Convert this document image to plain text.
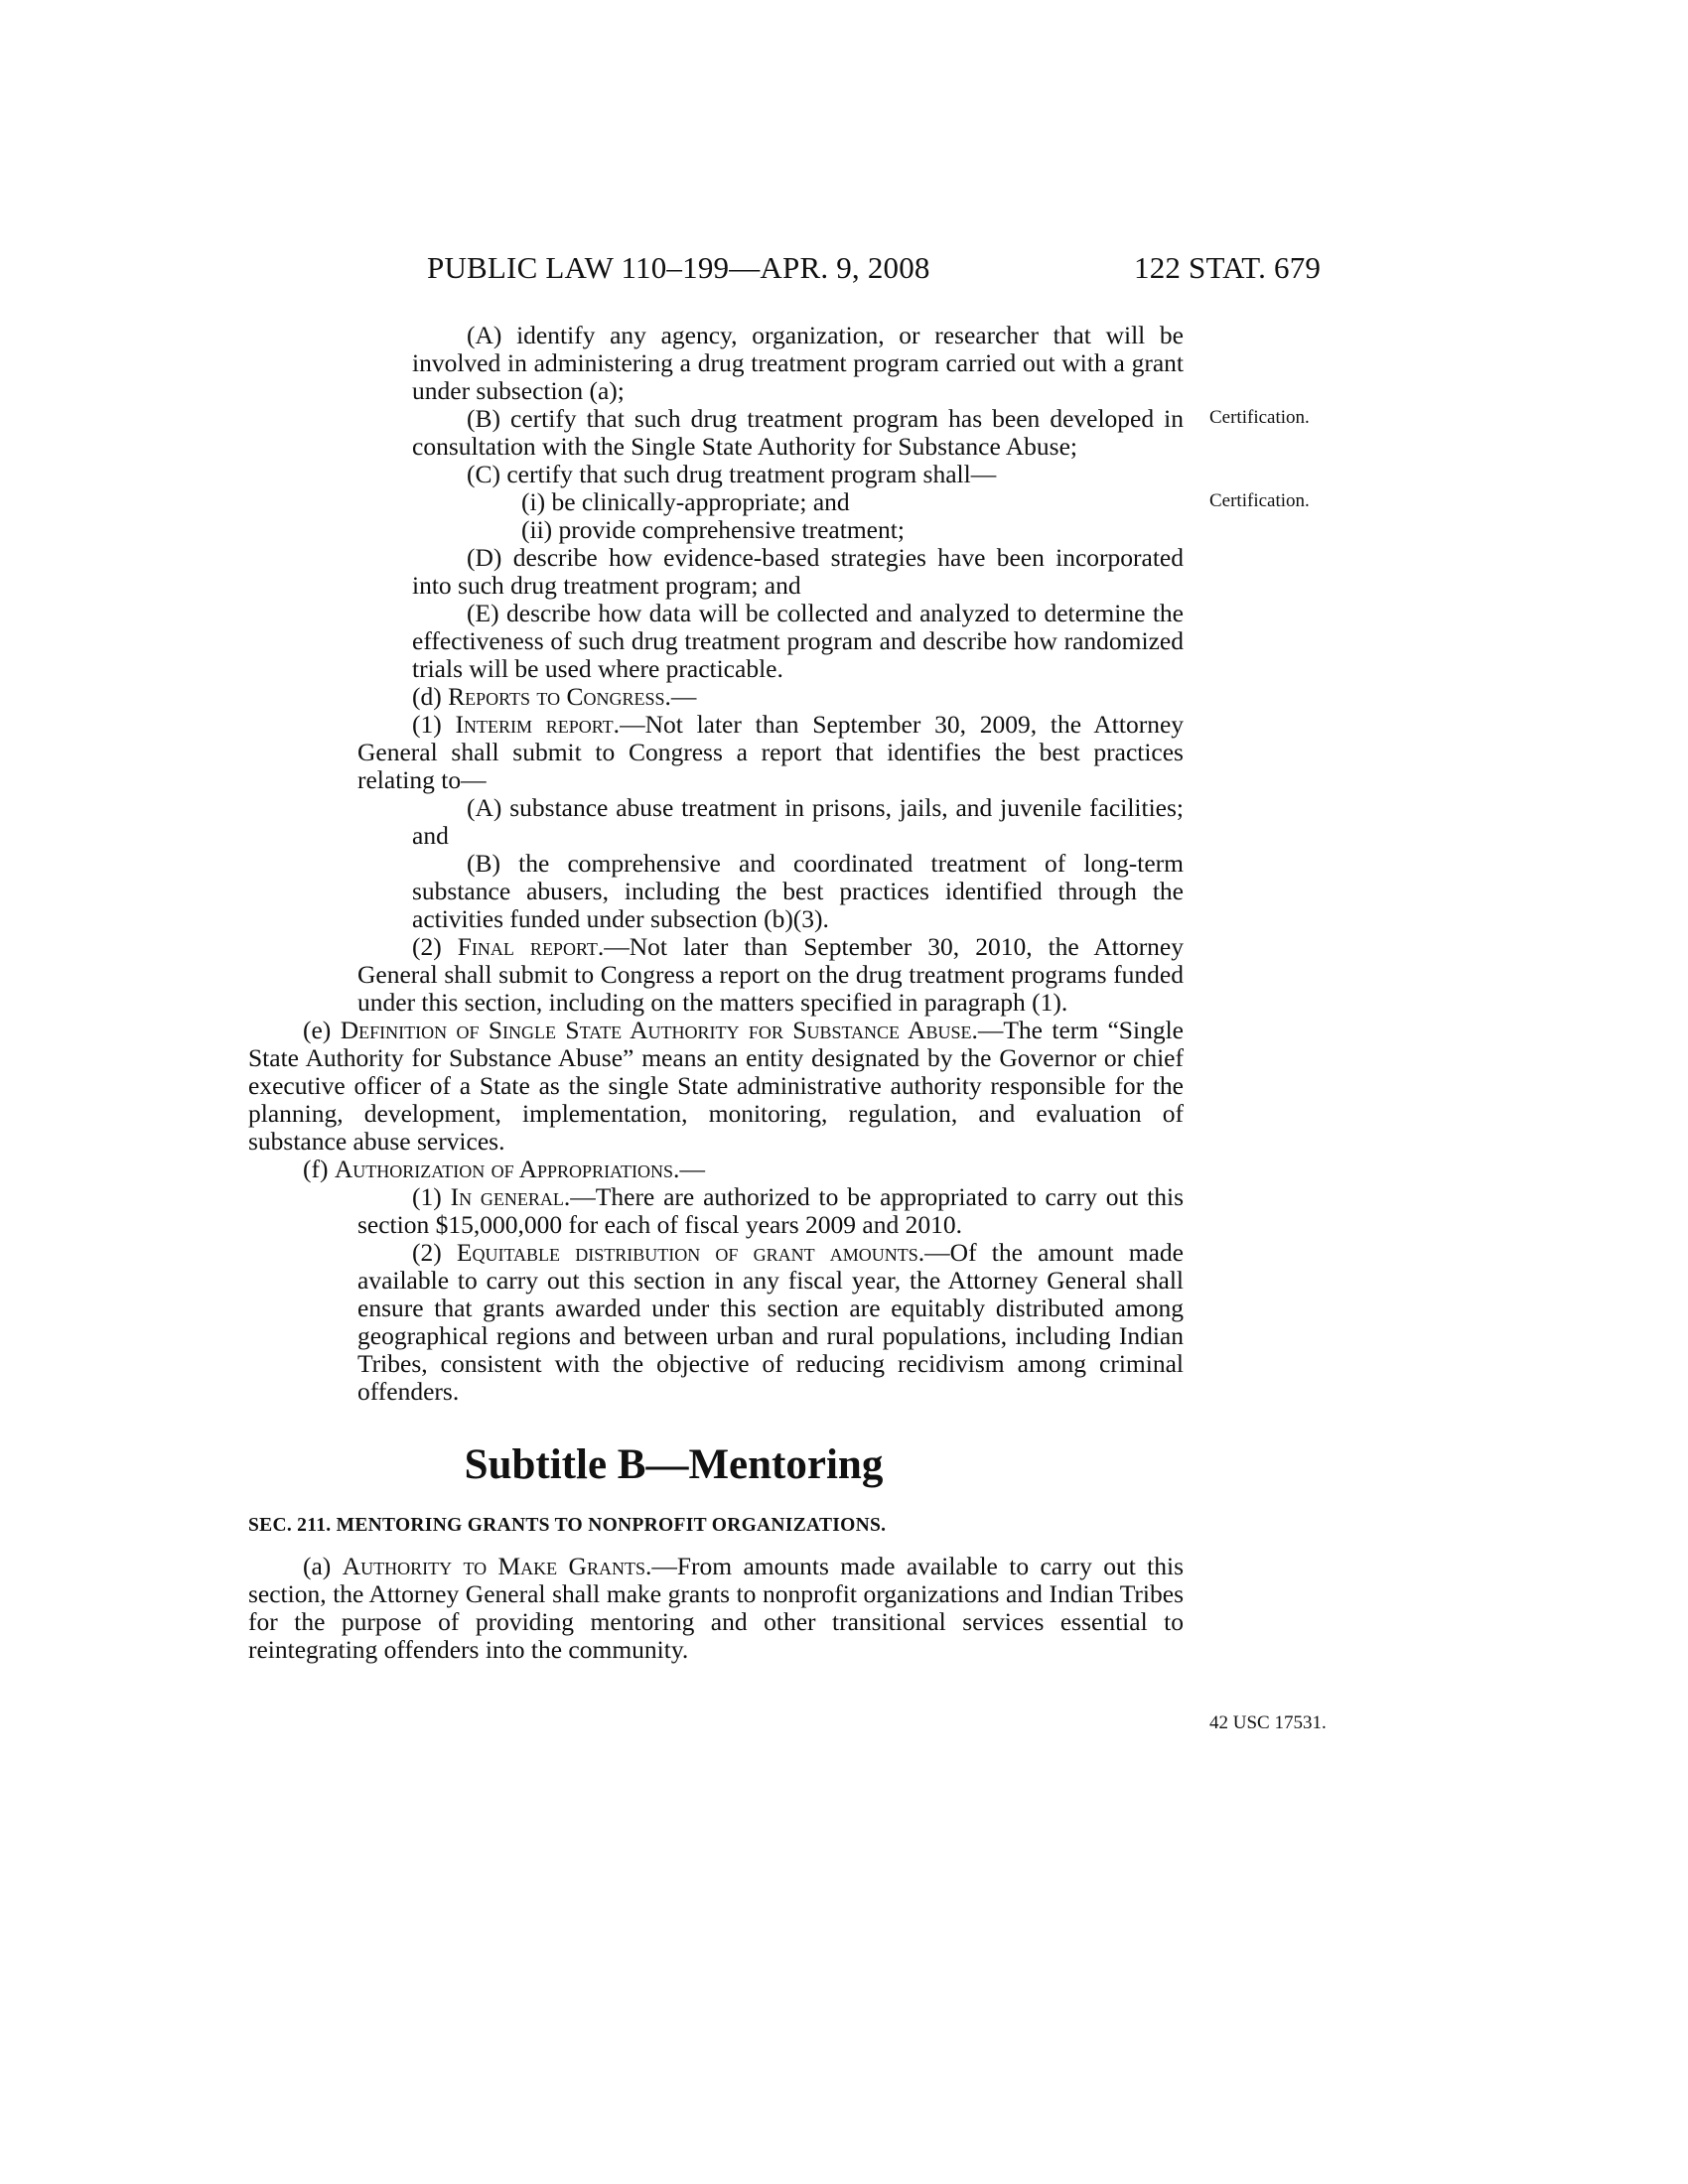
PUBLIC LAW 110–199—APR. 9, 2008	122 STAT. 679
Certification.
Certification.
42 USC 17531.

(A) identify any agency, organization, or researcher that will be involved in administering a drug treatment program carried out with a grant under subsection (a);

(B) certify that such drug treatment program has been developed in consultation with the Single State Authority for Substance Abuse;

(C) certify that such drug treatment program shall—

(i) be clinically-appropriate; and

(ii) provide comprehensive treatment;

(D) describe how evidence-based strategies have been incorporated into such drug treatment program; and

(E) describe how data will be collected and analyzed to determine the effectiveness of such drug treatment program and describe how randomized trials will be used where practicable.

(d) Reports to Congress.—

(1) Interim report.—Not later than September 30, 2009, the Attorney General shall submit to Congress a report that identifies the best practices relating to—

(A) substance abuse treatment in prisons, jails, and juvenile facilities; and

(B) the comprehensive and coordinated treatment of long-term substance abusers, including the best practices identified through the activities funded under subsection (b)(3).

(2) Final report.—Not later than September 30, 2010, the Attorney General shall submit to Congress a report on the drug treatment programs funded under this section, including on the matters specified in paragraph (1).

(e) Definition of Single State Authority for Substance Abuse.—The term “Single State Authority for Substance Abuse” means an entity designated by the Governor or chief executive officer of a State as the single State administrative authority responsible for the planning, development, implementation, monitoring, regulation, and evaluation of substance abuse services.

(f) Authorization of Appropriations.—

(1) In general.—There are authorized to be appropriated to carry out this section $15,000,000 for each of fiscal years 2009 and 2010.

(2) Equitable distribution of grant amounts.—Of the amount made available to carry out this section in any fiscal year, the Attorney General shall ensure that grants awarded under this section are equitably distributed among geographical regions and between urban and rural populations, including Indian Tribes, consistent with the objective of reducing recidivism among criminal offenders.

Subtitle B—Mentoring
SEC. 211. MENTORING GRANTS TO NONPROFIT ORGANIZATIONS.

(a) Authority to Make Grants.—From amounts made available to carry out this section, the Attorney General shall make grants to nonprofit organizations and Indian Tribes for the purpose of providing mentoring and other transitional services essential to reintegrating offenders into the community.
